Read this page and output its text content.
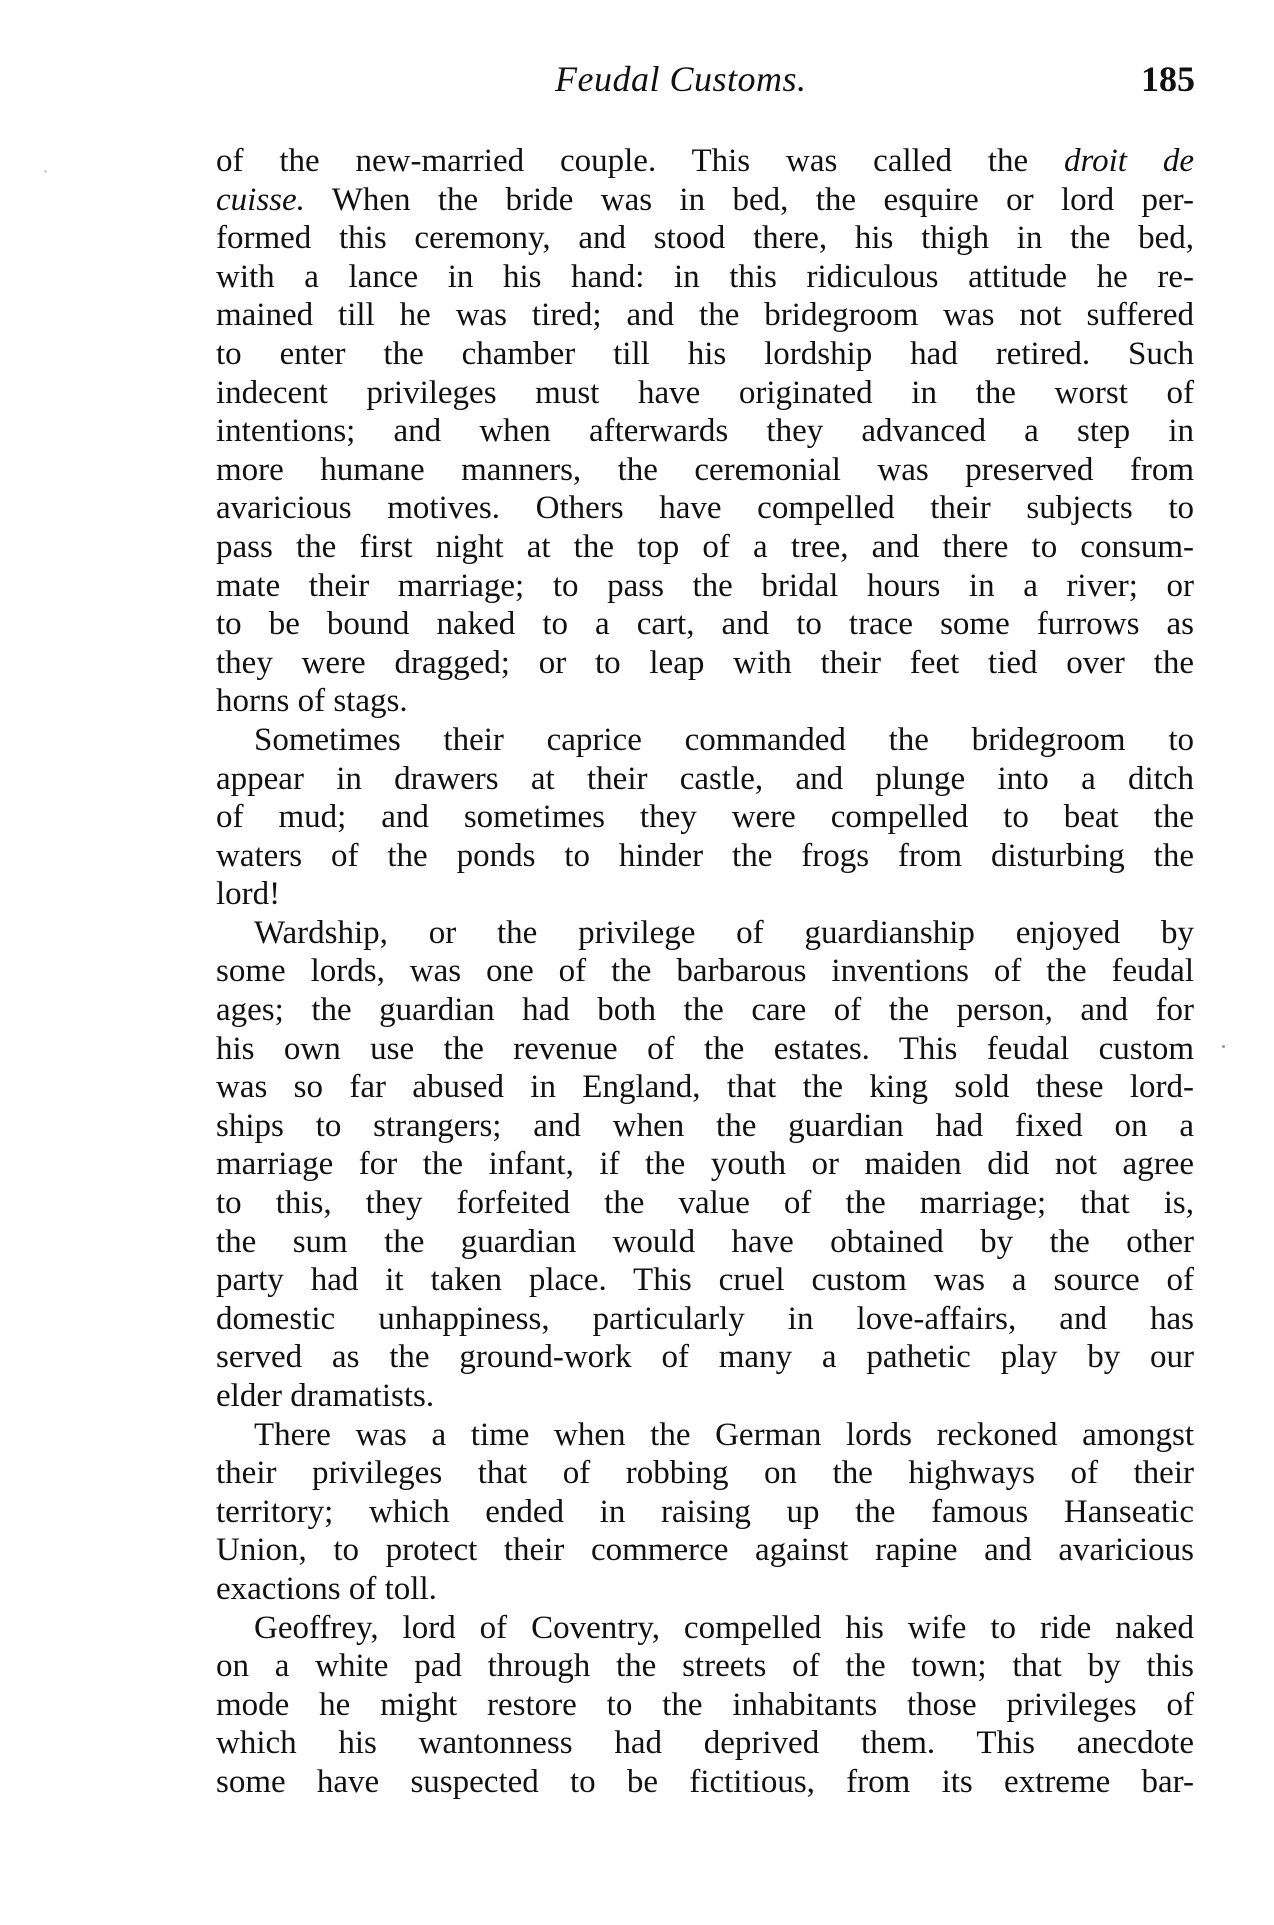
Feudal Customs.	185
of the new-married couple. This was called the droit de
cuisse. When the bride was in bed, the esquire or lord per-
formed this ceremony, and stood there, his thigh in the bed,
with a lance in his hand: in this ridiculous attitude he re-
mained till he was tired; and the bridegroom was not suffered
to enter the chamber till his lordship had retired. Such
indecent privileges must have originated in the worst of
intentions; and when afterwards they advanced a step in
more humane manners, the ceremonial was preserved from
avaricious motives. Others have compelled their subjects to
pass the first night at the top of a tree, and there to consum-
mate their marriage; to pass the bridal hours in a river; or
to be bound naked to a cart, and to trace some furrows as
they were dragged; or to leap with their feet tied over the
horns of stags.
Sometimes their caprice commanded the bridegroom to
appear in drawers at their castle, and plunge into a ditch
of mud; and sometimes they were compelled to beat the
waters of the ponds to hinder the frogs from disturbing the
lord!
Wardship, or the privilege of guardianship enjoyed by
some lords, was one of the barbarous inventions of the feudal
ages; the guardian had both the care of the person, and for
his own use the revenue of the estates. This feudal custom
was so far abused in England, that the king sold these lord-
ships to strangers; and when the guardian had fixed on a
marriage for the infant, if the youth or maiden did not agree
to this, they forfeited the value of the marriage; that is,
the sum the guardian would have obtained by the other
party had it taken place. This cruel custom was a source of
domestic unhappiness, particularly in love-affairs, and has
served as the ground-work of many a pathetic play by our
elder dramatists.
There was a time when the German lords reckoned amongst
their privileges that of robbing on the highways of their
territory; which ended in raising up the famous Hanseatic
Union, to protect their commerce against rapine and avaricious
exactions of toll.
Geoffrey, lord of Coventry, compelled his wife to ride naked
on a white pad through the streets of the town; that by this
mode he might restore to the inhabitants those privileges of
which his wantonness had deprived them. This anecdote
some have suspected to be fictitious, from its extreme bar-
